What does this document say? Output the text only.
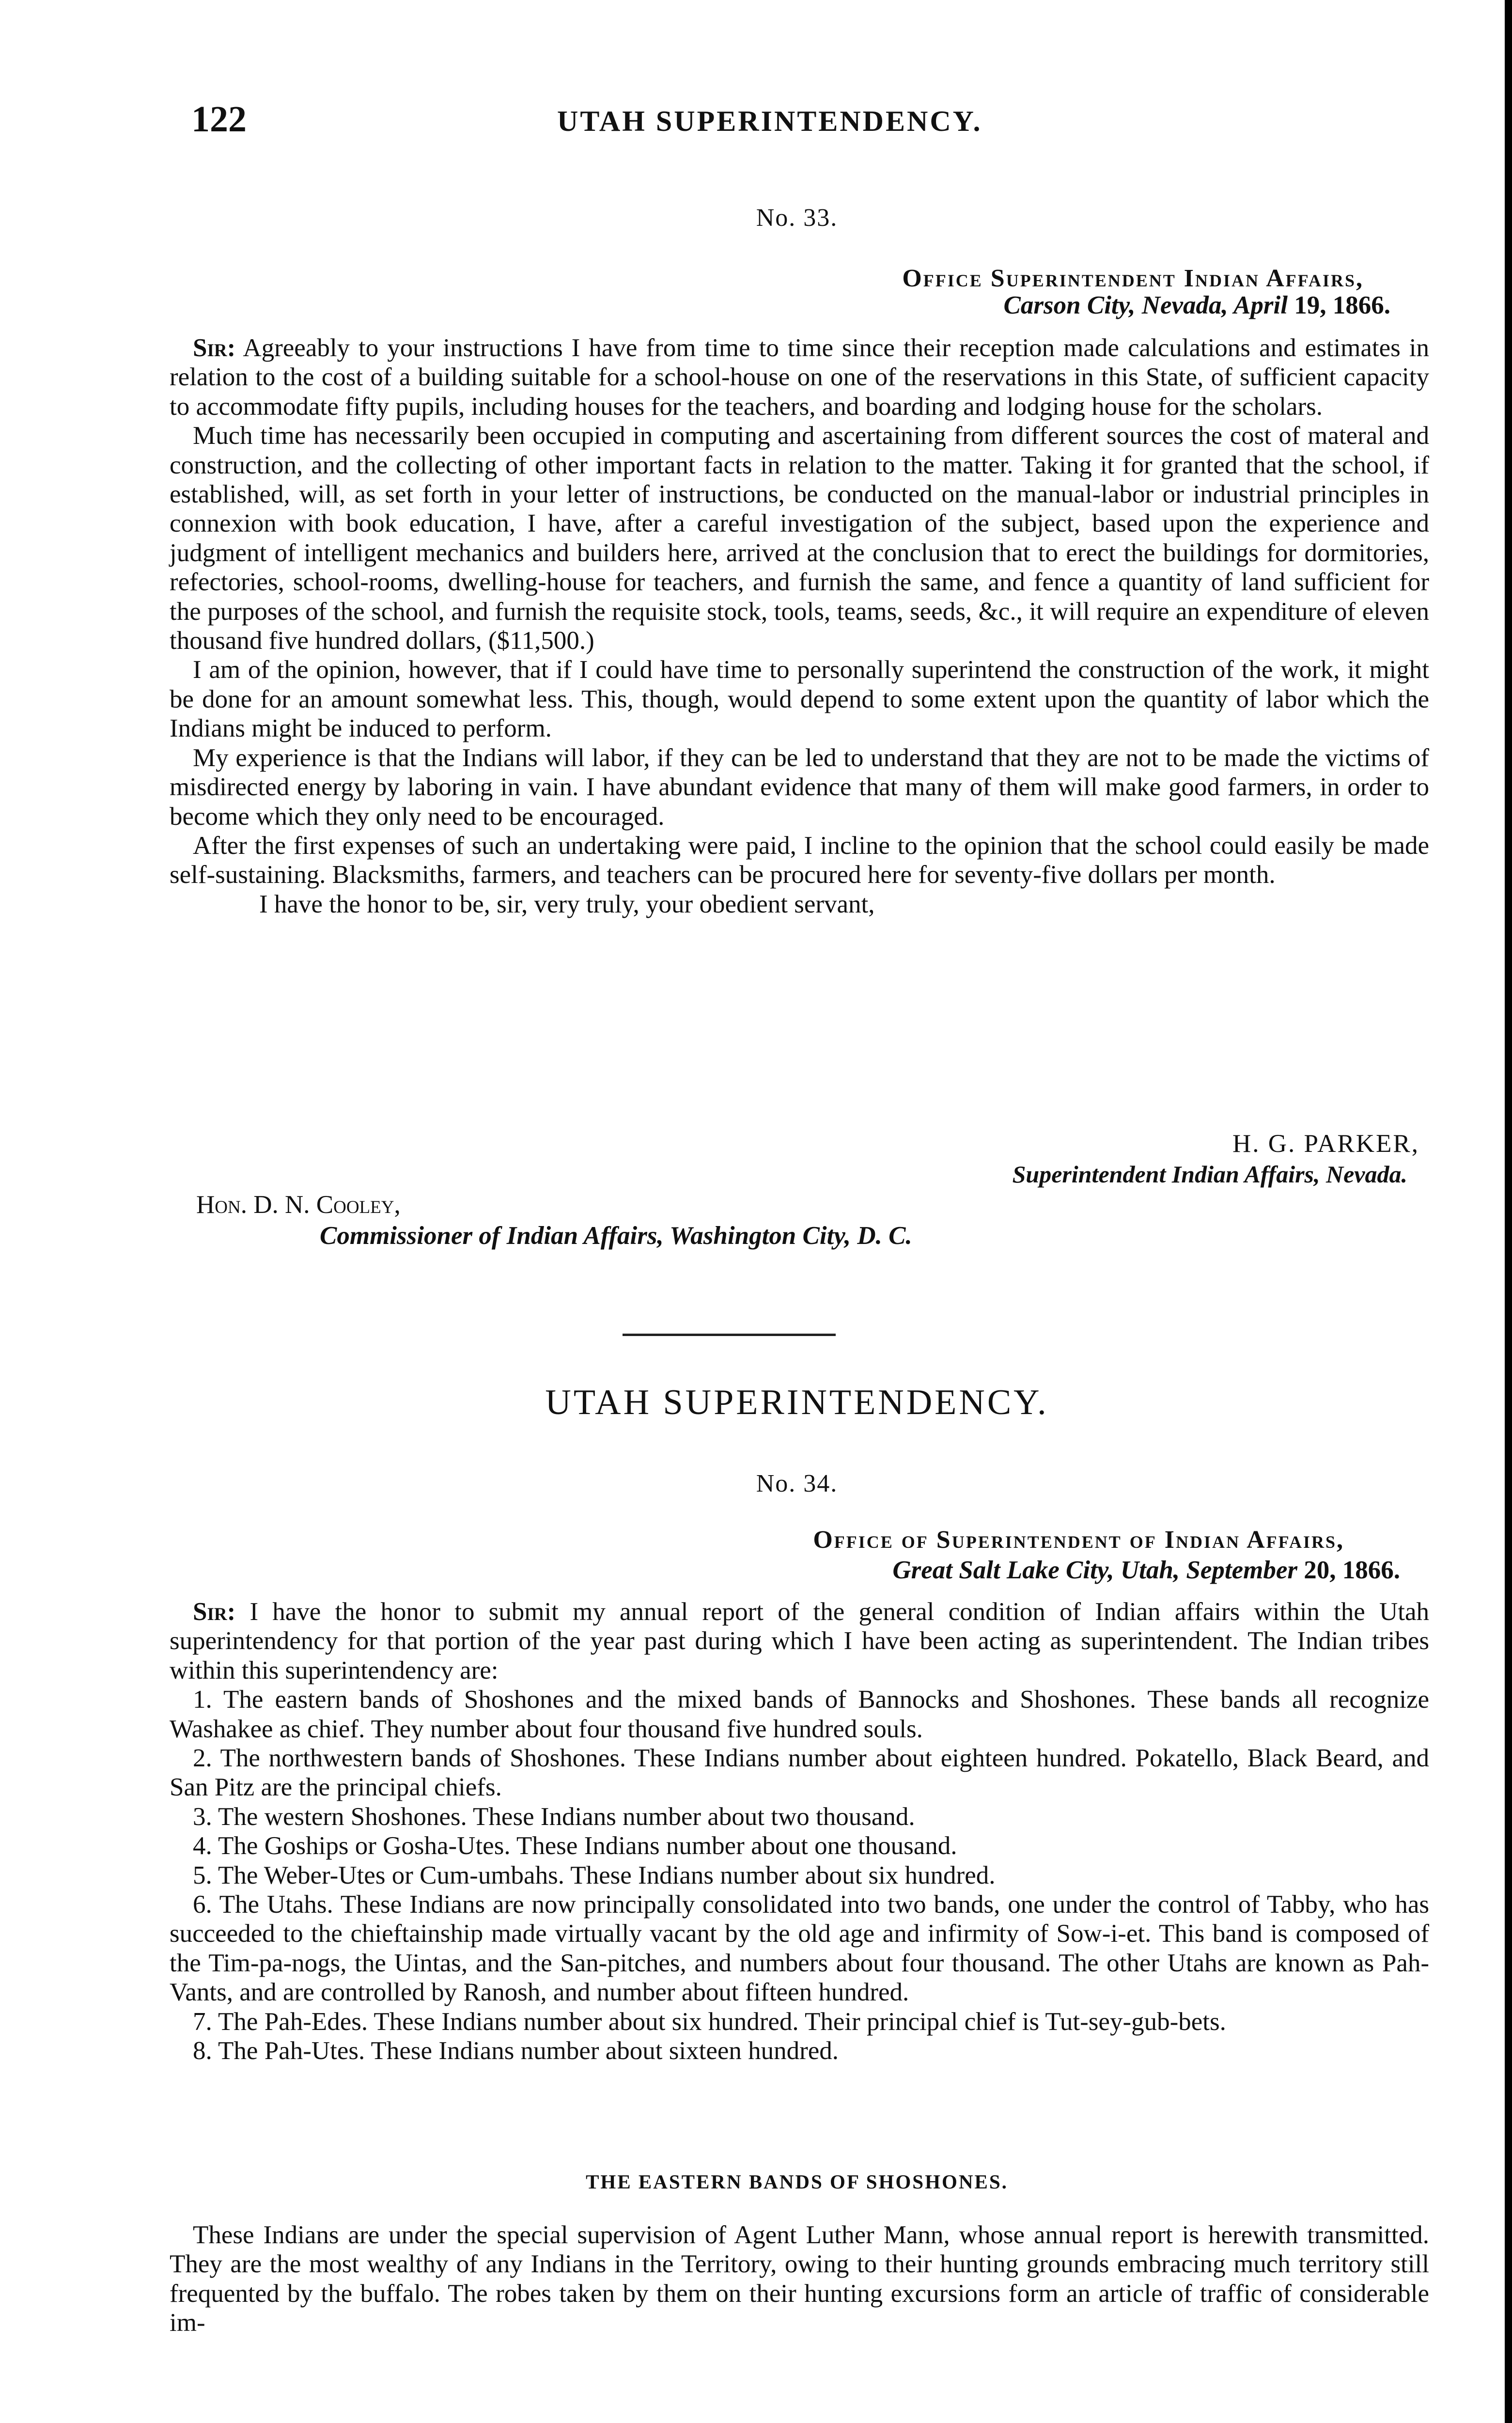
122	UTAH SUPERINTENDENCY.
No. 33.
Office Superintendent Indian Affairs,
Carson City, Nevada, April 19, 1866.

Sir: Agreeably to your instructions I have from time to time since their reception made calculations and estimates in relation to the cost of a building suitable for a school-house on one of the reservations in this State, of sufficient capacity to accommodate fifty pupils, including houses for the teachers, and boarding and lodging house for the scholars.

Much time has necessarily been occupied in computing and ascertaining from different sources the cost of materal and construction, and the collecting of other important facts in relation to the matter. Taking it for granted that the school, if established, will, as set forth in your letter of instructions, be conducted on the manual-labor or industrial principles in connexion with book education, I have, after a careful investigation of the subject, based upon the experience and judgment of intelligent mechanics and builders here, arrived at the conclusion that to erect the buildings for dormitories, refectories, school-rooms, dwelling-house for teachers, and furnish the same, and fence a quantity of land sufficient for the purposes of the school, and furnish the requisite stock, tools, teams, seeds, &c., it will require an expenditure of eleven thousand five hundred dollars, ($11,500.)

I am of the opinion, however, that if I could have time to personally superintend the construction of the work, it might be done for an amount somewhat less. This, though, would depend to some extent upon the quantity of labor which the Indians might be induced to perform.

My experience is that the Indians will labor, if they can be led to understand that they are not to be made the victims of misdirected energy by laboring in vain. I have abundant evidence that many of them will make good farmers, in order to become which they only need to be encouraged.

After the first expenses of such an undertaking were paid, I incline to the opinion that the school could easily be made self-sustaining. Blacksmiths, farmers, and teachers can be procured here for seventy-five dollars per month.

I have the honor to be, sir, very truly, your obedient servant,

H. G. PARKER,
Superintendent Indian Affairs, Nevada.
Hon. D. N. Cooley,
Commissioner of Indian Affairs, Washington City, D. C.
UTAH SUPERINTENDENCY.
No. 34.
Office of Superintendent of Indian Affairs,
Great Salt Lake City, Utah, September 20, 1866.

Sir: I have the honor to submit my annual report of the general condition of Indian affairs within the Utah superintendency for that portion of the year past during which I have been acting as superintendent. The Indian tribes within this superintendency are:

1. The eastern bands of Shoshones and the mixed bands of Bannocks and Shoshones. These bands all recognize Washakee as chief. They number about four thousand five hundred souls.

2. The northwestern bands of Shoshones. These Indians number about eighteen hundred. Pokatello, Black Beard, and San Pitz are the principal chiefs.

3. The western Shoshones. These Indians number about two thousand.

4. The Goships or Gosha-Utes. These Indians number about one thousand.

5. The Weber-Utes or Cum-umbahs. These Indians number about six hundred.

6. The Utahs. These Indians are now principally consolidated into two bands, one under the control of Tabby, who has succeeded to the chieftainship made virtually vacant by the old age and infirmity of Sow-i-et. This band is composed of the Tim-pa-nogs, the Uintas, and the San-pitches, and numbers about four thousand. The other Utahs are known as Pah-Vants, and are controlled by Ranosh, and number about fifteen hundred.

7. The Pah-Edes. These Indians number about six hundred. Their principal chief is Tut-sey-gub-bets.

8. The Pah-Utes. These Indians number about sixteen hundred.

THE EASTERN BANDS OF SHOSHONES.

These Indians are under the special supervision of Agent Luther Mann, whose annual report is herewith transmitted. They are the most wealthy of any Indians in the Territory, owing to their hunting grounds embracing much territory still frequented by the buffalo. The robes taken by them on their hunting excursions form an article of traffic of considerable im-
